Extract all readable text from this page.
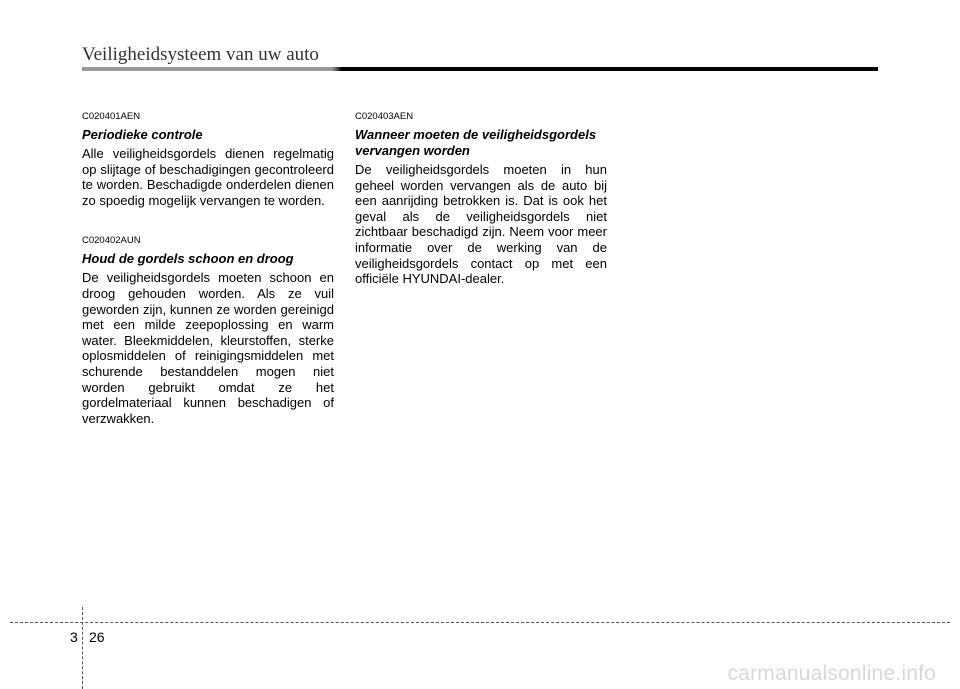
Veiligheidsysteem van uw auto

C020401AEN

Periodieke controle

Alle veiligheidsgordels dienen regelmatig op slijtage of beschadigingen gecontroleerd te worden. Beschadigde onderdelen dienen zo spoedig mogelijk vervangen te worden.

C020402AUN

Houd de gordels schoon en droog

De veiligheidsgordels moeten schoon en droog gehouden worden. Als ze vuil geworden zijn, kunnen ze worden gereinigd met een milde zeepoplossing en warm water. Bleekmiddelen, kleurstoffen, sterke oplosmiddelen of reinigingsmiddelen met schurende bestanddelen mogen niet worden gebruikt omdat ze het gordelmateriaal kunnen beschadigen of verzwakken.

C020403AEN

Wanneer moeten de veiligheidsgordels vervangen worden

De veiligheidsgordels moeten in hun geheel worden vervangen als de auto bij een aanrijding betrokken is. Dat is ook het geval als de veiligheidsgordels niet zichtbaar beschadigd zijn. Neem voor meer informatie over de werking van de veiligheidsgordels contact op met een officiële HYUNDAI-dealer.

3 26
carmanualsonline.info
